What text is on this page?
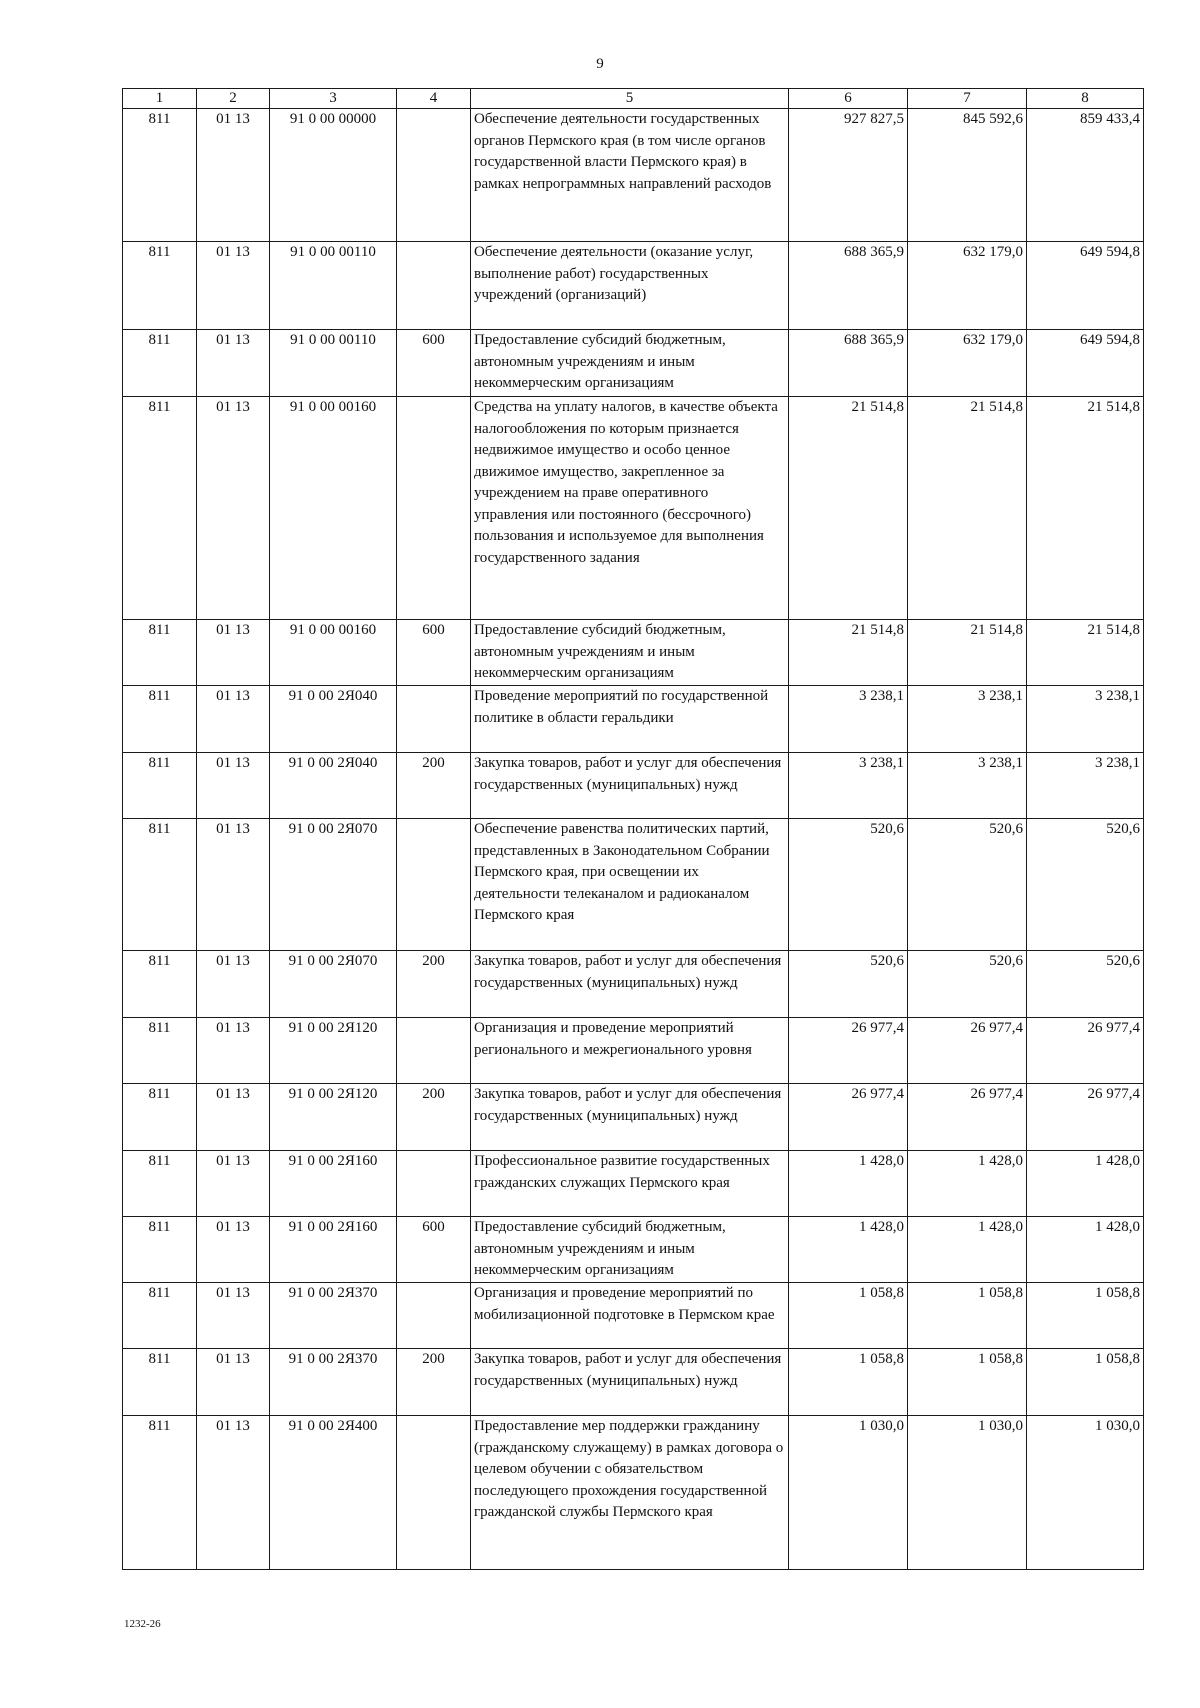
9
1	2	3	4	5	6	7	8
811	01 13	91 0 00 00000		Обеспечение деятельности государственных органов Пермского края (в том числе органов государственной власти Пермского края) в рамках непрограммных направлений расходов	927 827,5	845 592,6	859 433,4
811	01 13	91 0 00 00110		Обеспечение деятельности (оказание услуг, выполнение работ) государственных учреждений (организаций)	688 365,9	632 179,0	649 594,8
811	01 13	91 0 00 00110	600	Предоставление субсидий бюджетным, автономным учреждениям и иным некоммерческим организациям	688 365,9	632 179,0	649 594,8
811	01 13	91 0 00 00160		Средства на уплату налогов, в качестве объекта налогообложения по которым признается недвижимое имущество и особо ценное движимое имущество, закрепленное за учреждением на праве оперативного управления или постоянного (бессрочного) пользования и используемое для выполнения государственного задания	21 514,8	21 514,8	21 514,8
811	01 13	91 0 00 00160	600	Предоставление субсидий бюджетным, автономным учреждениям и иным некоммерческим организациям	21 514,8	21 514,8	21 514,8
811	01 13	91 0 00 2Я040		Проведение мероприятий по государственной политике в области геральдики	3 238,1	3 238,1	3 238,1
811	01 13	91 0 00 2Я040	200	Закупка товаров, работ и услуг для обеспечения государственных (муниципальных) нужд	3 238,1	3 238,1	3 238,1
811	01 13	91 0 00 2Я070		Обеспечение равенства политических партий, представленных в Законодательном Собрании Пермского края, при освещении их деятельности телеканалом и радиоканалом Пермского края	520,6	520,6	520,6
811	01 13	91 0 00 2Я070	200	Закупка товаров, работ и услуг для обеспечения государственных (муниципальных) нужд	520,6	520,6	520,6
811	01 13	91 0 00 2Я120		Организация и проведение мероприятий регионального и межрегионального уровня	26 977,4	26 977,4	26 977,4
811	01 13	91 0 00 2Я120	200	Закупка товаров, работ и услуг для обеспечения государственных (муниципальных) нужд	26 977,4	26 977,4	26 977,4
811	01 13	91 0 00 2Я160		Профессиональное развитие государственных гражданских служащих Пермского края	1 428,0	1 428,0	1 428,0
811	01 13	91 0 00 2Я160	600	Предоставление субсидий бюджетным, автономным учреждениям и иным некоммерческим организациям	1 428,0	1 428,0	1 428,0
811	01 13	91 0 00 2Я370		Организация и проведение мероприятий по мобилизационной подготовке в Пермском крае	1 058,8	1 058,8	1 058,8
811	01 13	91 0 00 2Я370	200	Закупка товаров, работ и услуг для обеспечения государственных (муниципальных) нужд	1 058,8	1 058,8	1 058,8
811	01 13	91 0 00 2Я400		Предоставление мер поддержки гражданину (гражданскому служащему) в рамках договора о целевом обучении с обязательством последующего прохождения государственной гражданской службы Пермского края	1 030,0	1 030,0	1 030,0
1232-26
